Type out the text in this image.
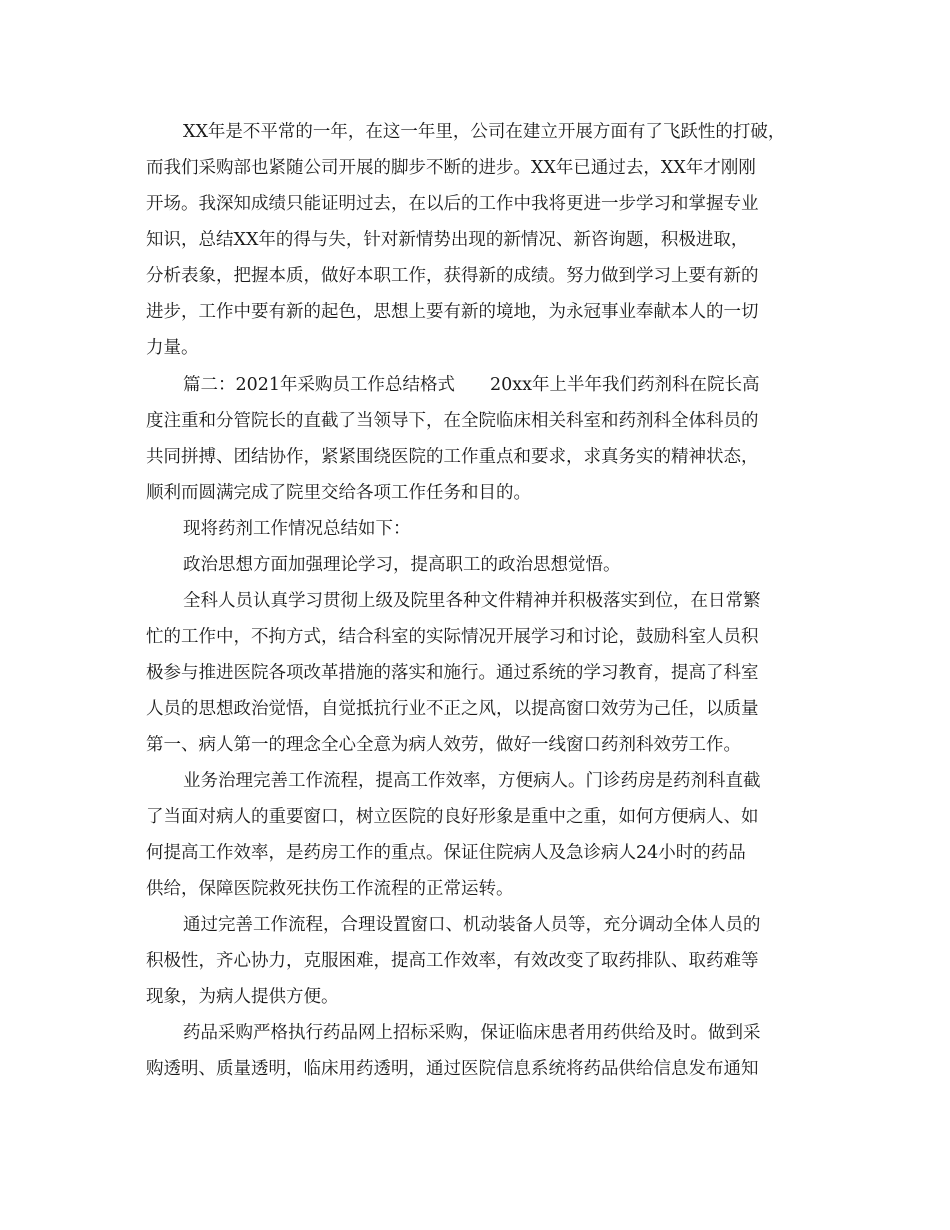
XX年是不平常的一年，在这一年里，公司在建立开展方面有了飞跃性的打破，
而我们采购部也紧随公司开展的脚步不断的进步。XX年已通过去，XX年才刚刚
开场。我深知成绩只能证明过去，在以后的工作中我将更进一步学习和掌握专业
知识，总结XX年的得与失，针对新情势出现的新情况、新咨询题，积极进取，
分析表象，把握本质，做好本职工作，获得新的成绩。努力做到学习上要有新的
进步，工作中要有新的起色，思想上要有新的境地，为永冠事业奉献本人的一切
力量。
篇二：2021年采购员工作总结格式　　20xx年上半年我们药剂科在院长高
度注重和分管院长的直截了当领导下，在全院临床相关科室和药剂科全体科员的
共同拼搏、团结协作，紧紧围绕医院的工作重点和要求，求真务实的精神状态，
顺利而圆满完成了院里交给各项工作任务和目的。
现将药剂工作情况总结如下：
政治思想方面加强理论学习，提高职工的政治思想觉悟。
全科人员认真学习贯彻上级及院里各种文件精神并积极落实到位，在日常繁
忙的工作中，不拘方式，结合科室的实际情况开展学习和讨论，鼓励科室人员积
极参与推进医院各项改革措施的落实和施行。通过系统的学习教育，提高了科室
人员的思想政治觉悟，自觉抵抗行业不正之风，以提高窗口效劳为己任，以质量
第一、病人第一的理念全心全意为病人效劳，做好一线窗口药剂科效劳工作。
业务治理完善工作流程，提高工作效率，方便病人。门诊药房是药剂科直截
了当面对病人的重要窗口，树立医院的良好形象是重中之重，如何方便病人、如
何提高工作效率，是药房工作的重点。保证住院病人及急诊病人24小时的药品
供给，保障医院救死扶伤工作流程的正常运转。
通过完善工作流程，合理设置窗口、机动装备人员等，充分调动全体人员的
积极性，齐心协力，克服困难，提高工作效率，有效改变了取药排队、取药难等
现象，为病人提供方便。
药品采购严格执行药品网上招标采购，保证临床患者用药供给及时。做到采
购透明、质量透明，临床用药透明，通过医院信息系统将药品供给信息发布通知
